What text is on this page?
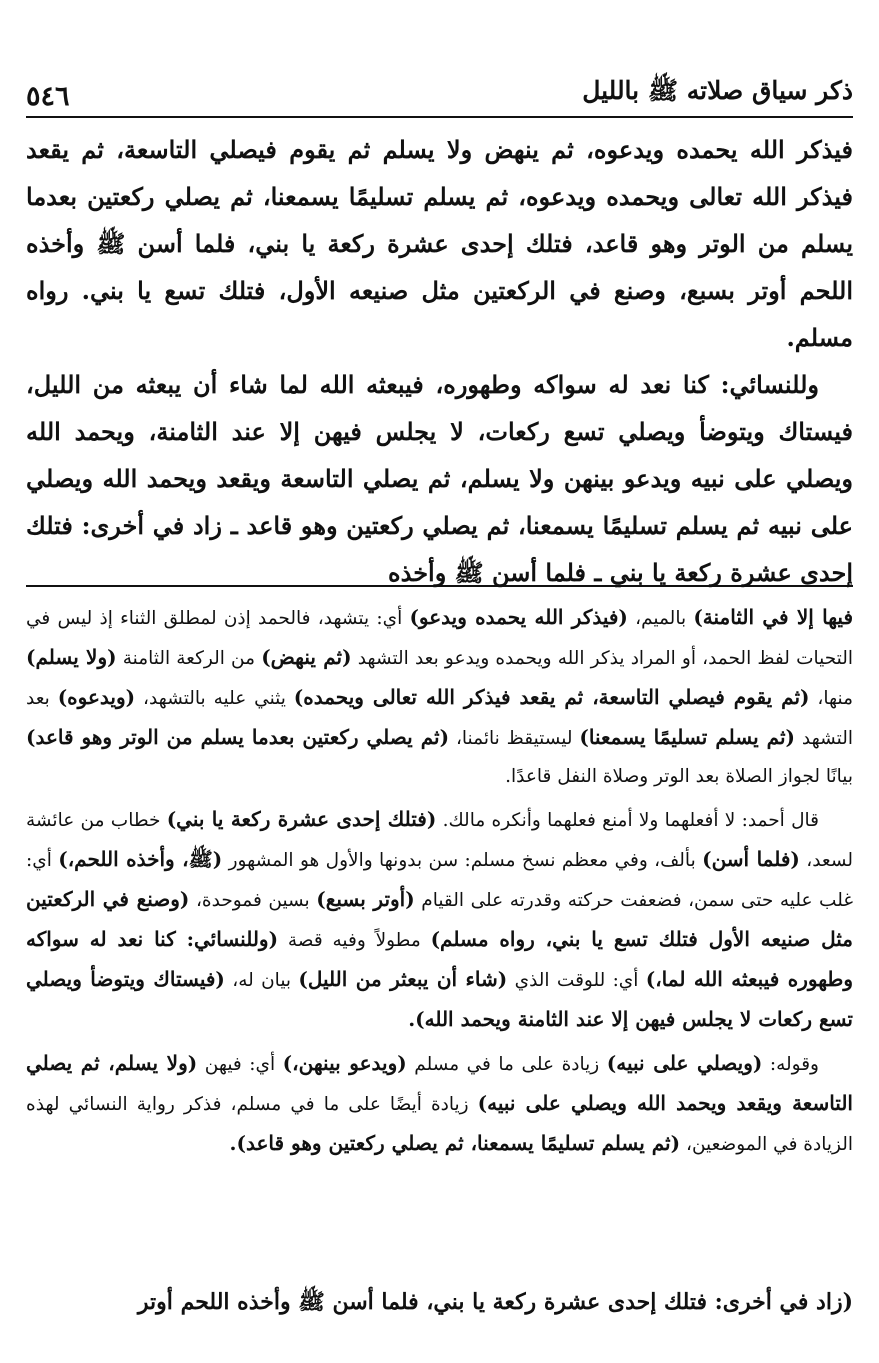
ذكر سياق صلاته ﷺ بالليل
٥٤٦

فيذكر الله يحمده ويدعوه، ثم ينهض ولا يسلم ثم يقوم فيصلي التاسعة، ثم يقعد فيذكر الله تعالى ويحمده ويدعوه، ثم يسلم تسليمًا يسمعنا، ثم يصلي ركعتين بعدما يسلم من الوتر وهو قاعد، فتلك إحدى عشرة ركعة يا بني، فلما أسن ﷺ وأخذه اللحم أوتر بسبع، وصنع في الركعتين مثل صنيعه الأول، فتلك تسع يا بني. رواه مسلم.

وللنسائي: كنا نعد له سواكه وطهوره، فيبعثه الله لما شاء أن يبعثه من الليل، فيستاك ويتوضأ ويصلي تسع ركعات، لا يجلس فيهن إلا عند الثامنة، ويحمد الله ويصلي على نبيه ويدعو بينهن ولا يسلم، ثم يصلي التاسعة ويقعد ويحمد الله ويصلي على نبيه ثم يسلم تسليمًا يسمعنا، ثم يصلي ركعتين وهو قاعد ـ زاد في أخرى: فتلك إحدى عشرة ركعة يا بني ـ فلما أسن ﷺ وأخذه

فيها إلا في الثامنة) بالميم، (فيذكر الله يحمده ويدعو) أي: يتشهد، فالحمد إذن لمطلق الثناء إذ ليس في التحيات لفظ الحمد، أو المراد يذكر الله ويحمده ويدعو بعد التشهد (ثم ينهض) من الركعة الثامنة (ولا يسلم) منها، (ثم يقوم فيصلي التاسعة، ثم يقعد فيذكر الله تعالى ويحمده) يثني عليه بالتشهد، (ويدعوه) بعد التشهد (ثم يسلم تسليمًا يسمعنا) ليستيقظ نائمنا، (ثم يصلي ركعتين بعدما يسلم من الوتر وهو قاعد) بيانًا لجواز الصلاة بعد الوتر وصلاة النفل قاعدًا.

قال أحمد: لا أفعلهما ولا أمنع فعلهما وأنكره مالك. (فتلك إحدى عشرة ركعة يا بني) خطاب من عائشة لسعد، (فلما أسن) بألف، وفي معظم نسخ مسلم: سن بدونها والأول هو المشهور (ﷺ، وأخذه اللحم،) أي: غلب عليه حتى سمن، فضعفت حركته وقدرته على القيام (أوتر بسبع) بسين فموحدة، (وصنع في الركعتين مثل صنيعه الأول فتلك تسع يا بني، رواه مسلم) مطولاً وفيه قصة (وللنسائي: كنا نعد له سواكه وطهوره فيبعثه الله لما،) أي: للوقت الذي (شاء أن يبعثر من الليل) بيان له، (فيستاك ويتوضأ ويصلي تسع ركعات لا يجلس فيهن إلا عند الثامنة ويحمد الله).

وقوله: (ويصلي على نبيه) زيادة على ما في مسلم (ويدعو بينهن،) أي: فيهن (ولا يسلم، ثم يصلي التاسعة ويقعد ويحمد الله ويصلي على نبيه) زيادة أيضًا على ما في مسلم، فذكر رواية النسائي لهذه الزيادة في الموضعين، (ثم يسلم تسليمًا يسمعنا، ثم يصلي ركعتين وهو قاعد).

(زاد في أخرى: فتلك إحدى عشرة ركعة يا بني، فلما أسن ﷺ وأخذه اللحم أوتر
